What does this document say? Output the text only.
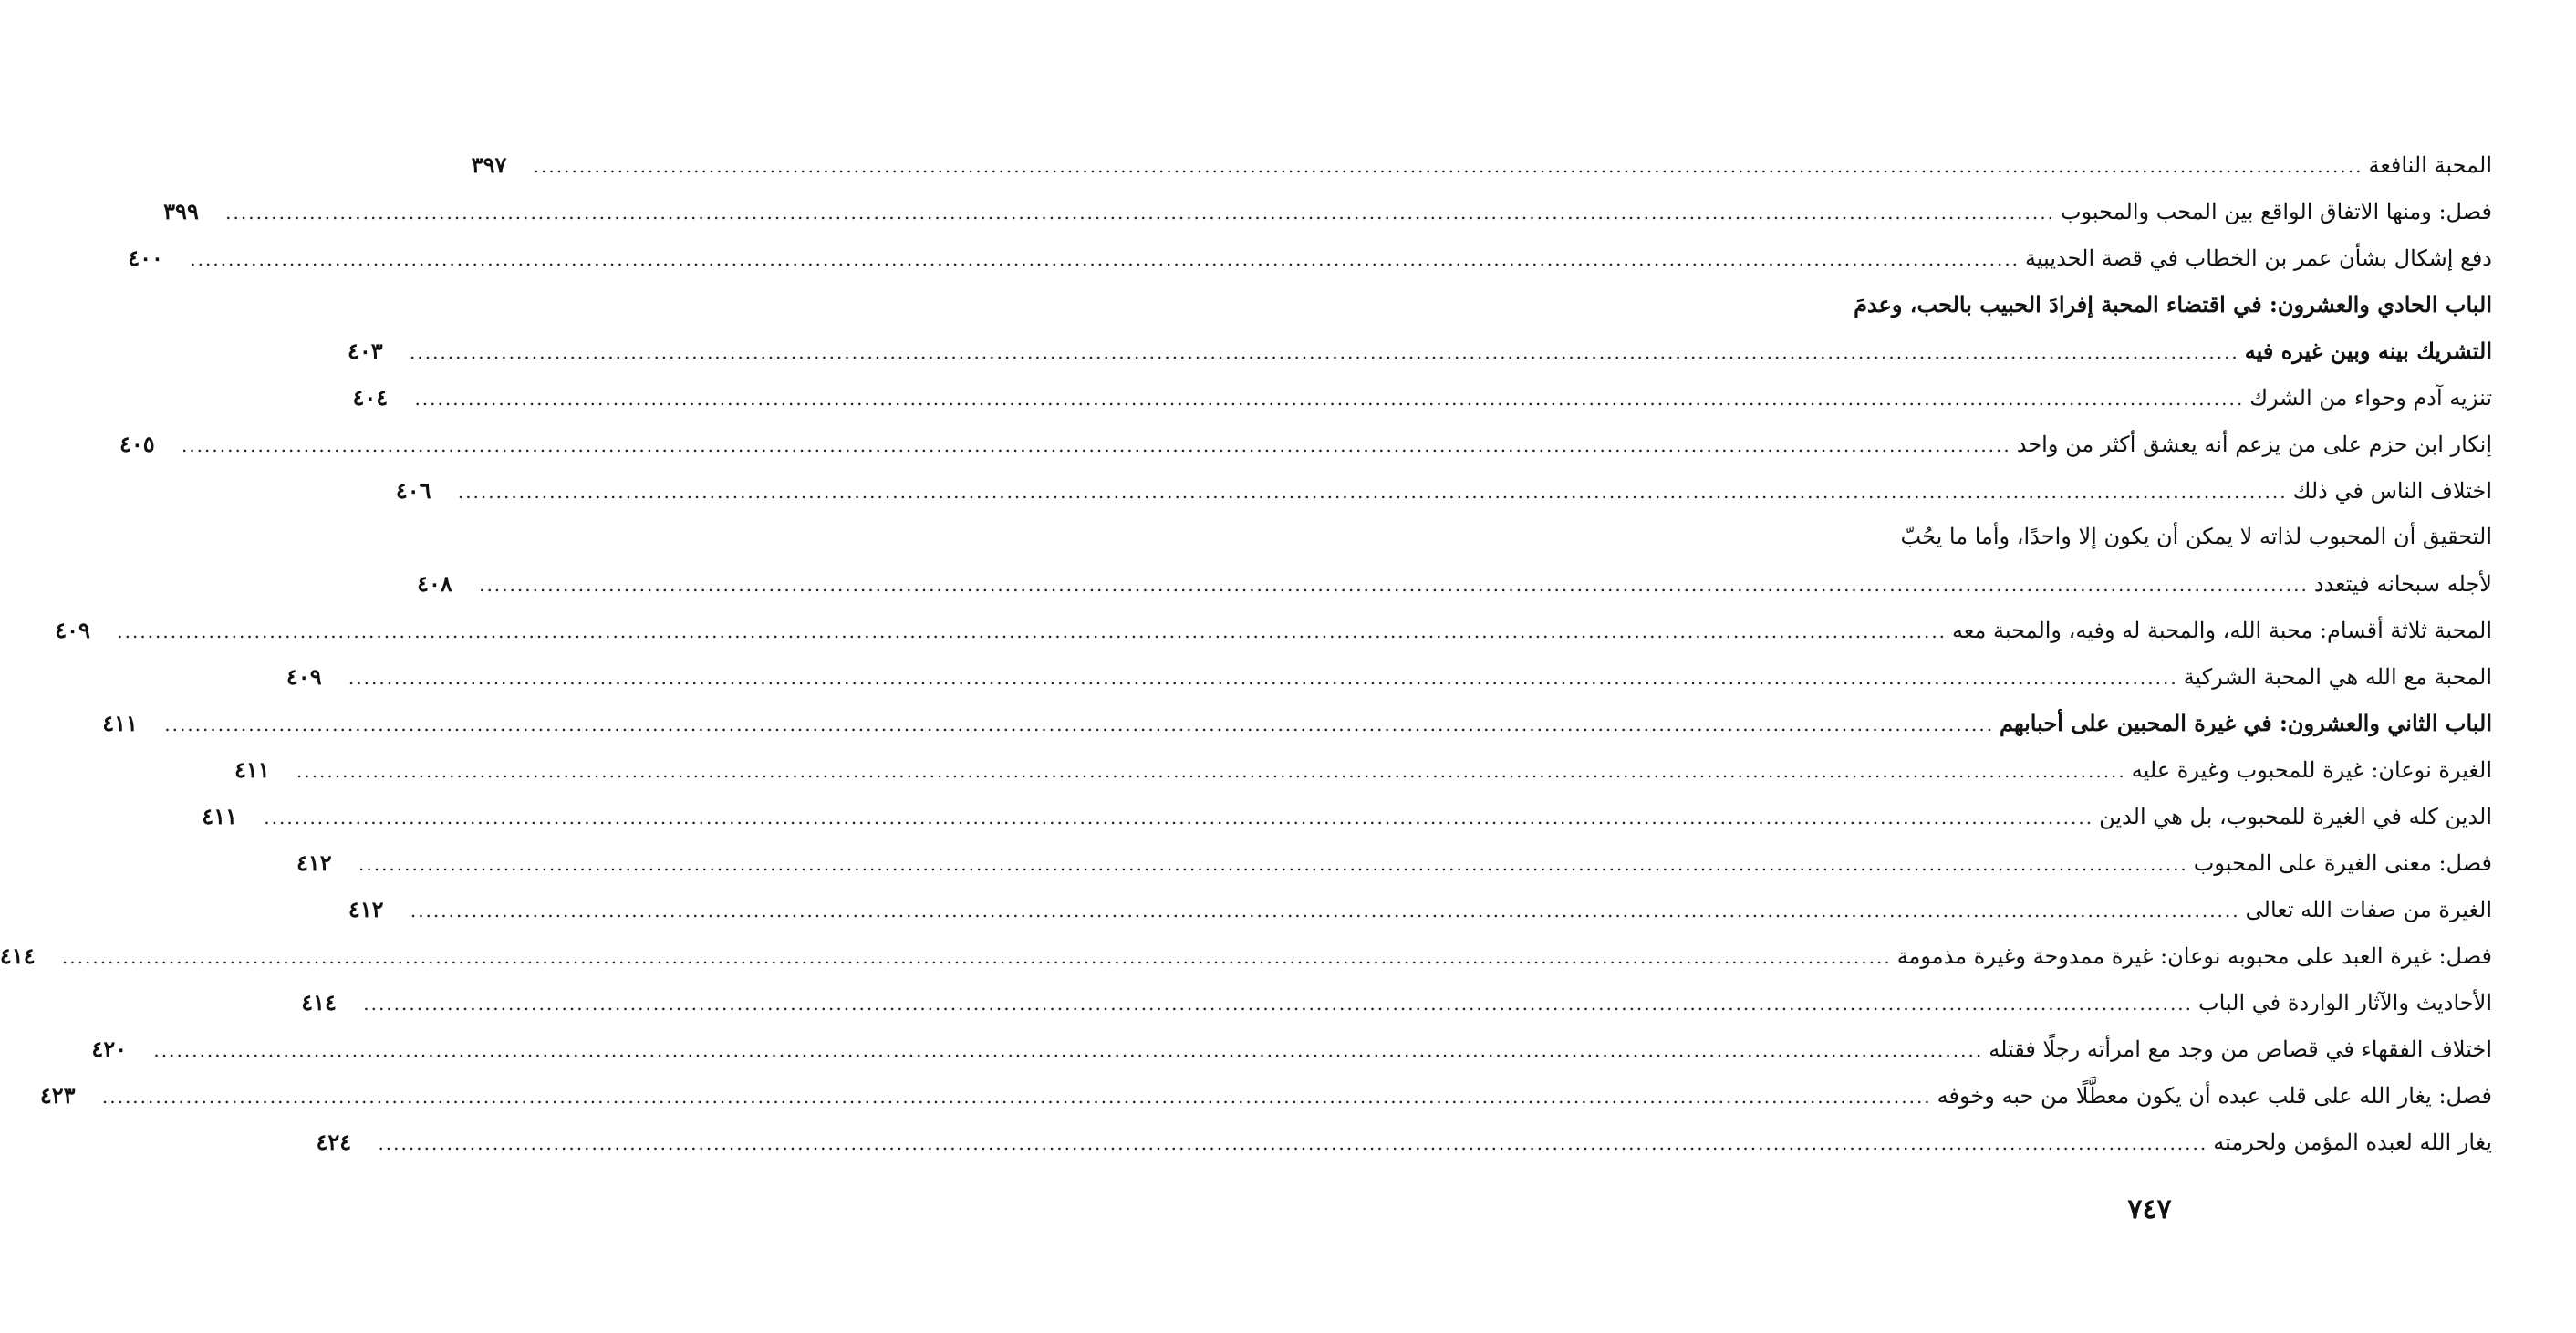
المحبة النافعة
.....
٣٩٧
فصل: ومنها الاتفاق الواقع بين المحب والمحبوب
.....
٣٩٩
دفع إشكال بشأن عمر بن الخطاب في قصة الحديبية
.....
٤٠٠
الباب الحادي والعشرون: في اقتضاء المحبة إفرادَ الحبيب بالحب، وعدمَ
التشريك بينه وبين غيره فيه
.....
٤٠٣
تنزيه آدم وحواء من الشرك
.....
٤٠٤
إنكار ابن حزم على من يزعم أنه يعشق أكثر من واحد
.....
٤٠٥
اختلاف الناس في ذلك
.....
٤٠٦
التحقيق أن المحبوب لذاته لا يمكن أن يكون إلا واحدًا، وأما ما يحُبّ
لأجله سبحانه فيتعدد
.....
٤٠٨
المحبة ثلاثة أقسام: محبة الله، والمحبة له وفيه، والمحبة معه
.....
٤٠٩
المحبة مع الله هي المحبة الشركية
.....
٤٠٩
الباب الثاني والعشرون: في غيرة المحبين على أحبابهم
.....
٤١١
الغيرة نوعان: غيرة للمحبوب وغيرة عليه
.....
٤١١
الدين كله في الغيرة للمحبوب، بل هي الدين
.....
٤١١
فصل: معنى الغيرة على المحبوب
.....
٤١٢
الغيرة من صفات الله تعالى
.....
٤١٢
فصل: غيرة العبد على محبوبه نوعان: غيرة ممدوحة وغيرة مذمومة
.....
٤١٤
الأحاديث والآثار الواردة في الباب
.....
٤١٤
اختلاف الفقهاء في قصاص من وجد مع امرأته رجلًا فقتله
.....
٤٢٠
فصل: يغار الله على قلب عبده أن يكون معطَّلًا من حبه وخوفه
.....
٤٢٣
يغار الله لعبده المؤمن ولحرمته
.....
٤٢٤
٧٤٧
